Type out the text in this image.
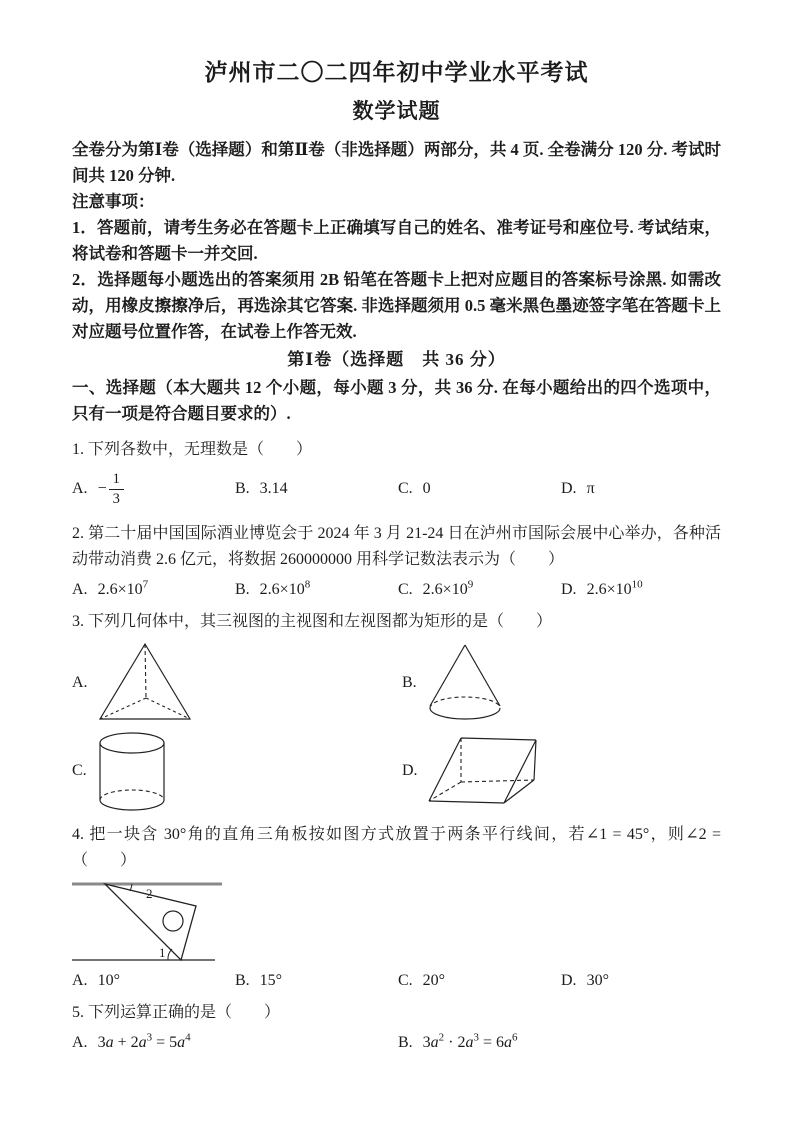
泸州市二〇二四年初中学业水平考试
数学试题

全卷分为第Ⅰ卷（选择题）和第Ⅱ卷（非选择题）两部分，共 4 页. 全卷满分 120 分. 考试时间共 120 分钟.

注意事项：

1．答题前，请考生务必在答题卡上正确填写自己的姓名、准考证号和座位号. 考试结束，将试卷和答题卡一并交回.

2．选择题每小题选出的答案须用 2B 铅笔在答题卡上把对应题目的答案标号涂黑. 如需改动，用橡皮擦擦净后，再选涂其它答案. 非选择题须用 0.5 毫米黑色墨迹签字笔在答题卡上对应题号位置作答，在试卷上作答无效.

第Ⅰ卷（选择题　共 36 分）

一、选择题（本大题共 12 个小题，每小题 3 分，共 36 分. 在每小题给出的四个选项中，只有一项是符合题目要求的）.

1. 下列各数中，无理数是（　　）

A. − $\frac{1}{3}$	B. 3.14	C. 0	D. π

2. 第二十届中国国际酒业博览会于 2024 年 3 月 21-24 日在泸州市国际会展中心举办，各种活动带动消费 2.6 亿元，将数据 260000000 用科学记数法表示为（　　）

A. $2.6\times 10^7$	B. $2.6\times 10^8$	C. $2.6\times 10^9$	D. $2.6\times 10^{10}$

3. 下列几何体中，其三视图的主视图和左视图都为矩形的是（　　）

A.	B.
C.	D.

4. 把一块含 30°角的直角三角板按如图方式放置于两条平行线间，若∠1 = 45°，则∠2 =（　　）

2
1
A. 10°	B. 15°	C. 20°	D. 30°

5. 下列运算正确的是（　　）

A. $3a + 2a^3 = 5a^4$	B. $3a^2 \cdot 2a^3 = 6a^6$
